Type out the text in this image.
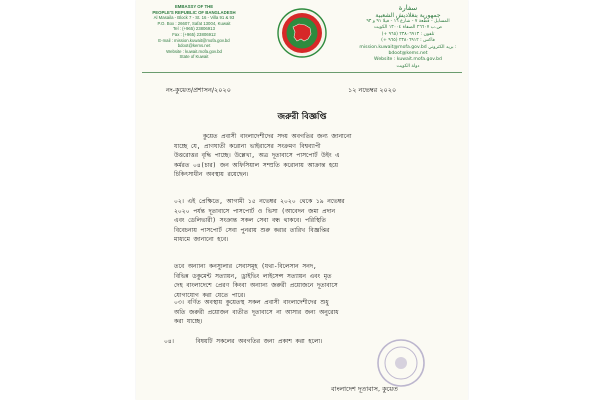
EMBASSY OF THE
PEOPLE'S REPUBLIC OF BANGLADESH
Al Masaila - Block 7 - St. 16 - Villa 91 & 93
P.O. Box : 26607, Safat 13004, Kuwait
Tel : (+965) 23806913
Fax : (+965) 23806912
E-mail : mission.kuwait@mofa.gov.bd
bdoot@kems.net
Website : kuwait.mofa.gov.bd
State of Kuwait
سفارة
جمهورية بنغلاديش الشعبية
المسايل - قطعة ٧ - شارع ١٦ - فيلا ٩١ و ٩٣
ص.ب ٢٦٦٠٧ الصفاة ١٣٠٠٤ الكويت
تلفون : ٢٣٨٠٦٩١٣ (٩٦٥ +)
فاكس : ٢٣٨٠٦٩١٢ (٩٦٥ +)
mission.kuwait@mofa.gov.bd بريد الكتروني :
bdoot@kems.net
Website : kuwait.mofa.gov.bd
دولة الكويت
নং-কুয়েত/প্রশাসন/২০২০	১২ নভেম্বর ২০২০
জরুরী বিজ্ঞপ্তি
কুয়েত প্রবাসী বাংলাদেশীদের সদয় অবগতির জন্য জানানো
যাচ্ছে যে, প্রাণঘাতী করোনা ভাইরাসের সংক্রমণ বিশ্বব্যাপী
উত্তরোত্তর বৃদ্ধি পাচ্ছে। উল্লেখ্য, অত্র দূতাবাসে পাসপোর্ট উইং এ
কর্মরত ০৪(চার) জন অফিসিয়াল সম্প্রতি করোনায় আক্রান্ত হয়ে
চিকিৎসাধীন অবস্থায় রয়েছেন।
০২। এই প্রেক্ষিতে, আগামী ১৫ নভেম্বর ২০২০ থেকে ১৯ নভেম্বর
২০২০ পর্যন্ত দূতাবাসে পাসপোর্ট ও ভিসা (আবেদন জমা প্রদান
এবং ডেলিভারী) সংক্রান্ত সকল সেবা বন্ধ থাকবে। পরিস্থিতি
বিবেচনায় পাসপোর্ট সেবা পুনরায় শুরু করার তারিখ বিজ্ঞপ্তির
মাধ্যমে জানানো হবে।
তবে অন্যান্য কনস্যুলার সেবাসমূহ (যথা-বিলেসান সনদ,
বিভিন্ন ডকুমেন্ট সত্যায়ন, ড্রাইভিং লাইসেন্স সত্যায়ন এবং মৃত
দেহ বাংলাদেশে প্রেরণ কিংবা অন্যান্য জরুরী প্রয়োজনে দূতাবাসে
যোগাযোগ করা যেতে পারে।
০৩। বর্ণিত অবস্থায় কুয়েতস্থ সকল প্রবাসী বাংলাদেশীদের শুধু
অতি জরুরী প্রয়োজন ব্যতীত দূতাবাসে না আসার জন্য অনুরোধ
করা যাচ্ছে।
০৪।      বিষয়টি সকলের অবগতির জন্য প্রকাশ করা হলো।
বাংলাদেশ দূতাবাস, কুয়েত
